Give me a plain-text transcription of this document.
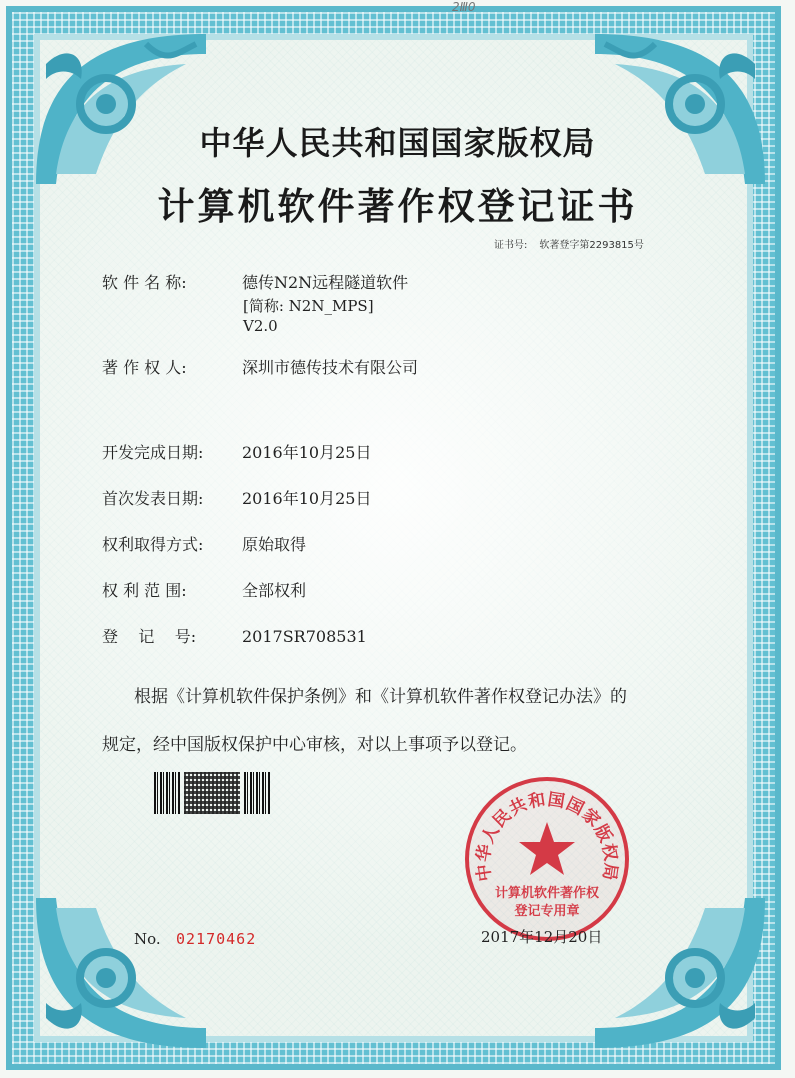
2Ⅲ0
中华人民共和国国家版权局
计算机软件著作权登记证书
证书号: 软著登字第2293815号
软 件 名 称:	德传N2N远程隧道软件
[简称: N2N_MPS]
V2.0
著 作 权 人:	深圳市德传技术有限公司
开发完成日期: 2016年10月25日
首次发表日期: 2016年10月25日
权利取得方式: 原始取得
权 利 范 围:	全部权利
登    记    号:	2017SR708531
根据《计算机软件保护条例》和《计算机软件著作权登记办法》的
规定，经中国版权保护中心审核，对以上事项予以登记。
中华人民共和国国家版权局
计算机软件著作权
登记专用章
No. 02170462	2017年12月20日
